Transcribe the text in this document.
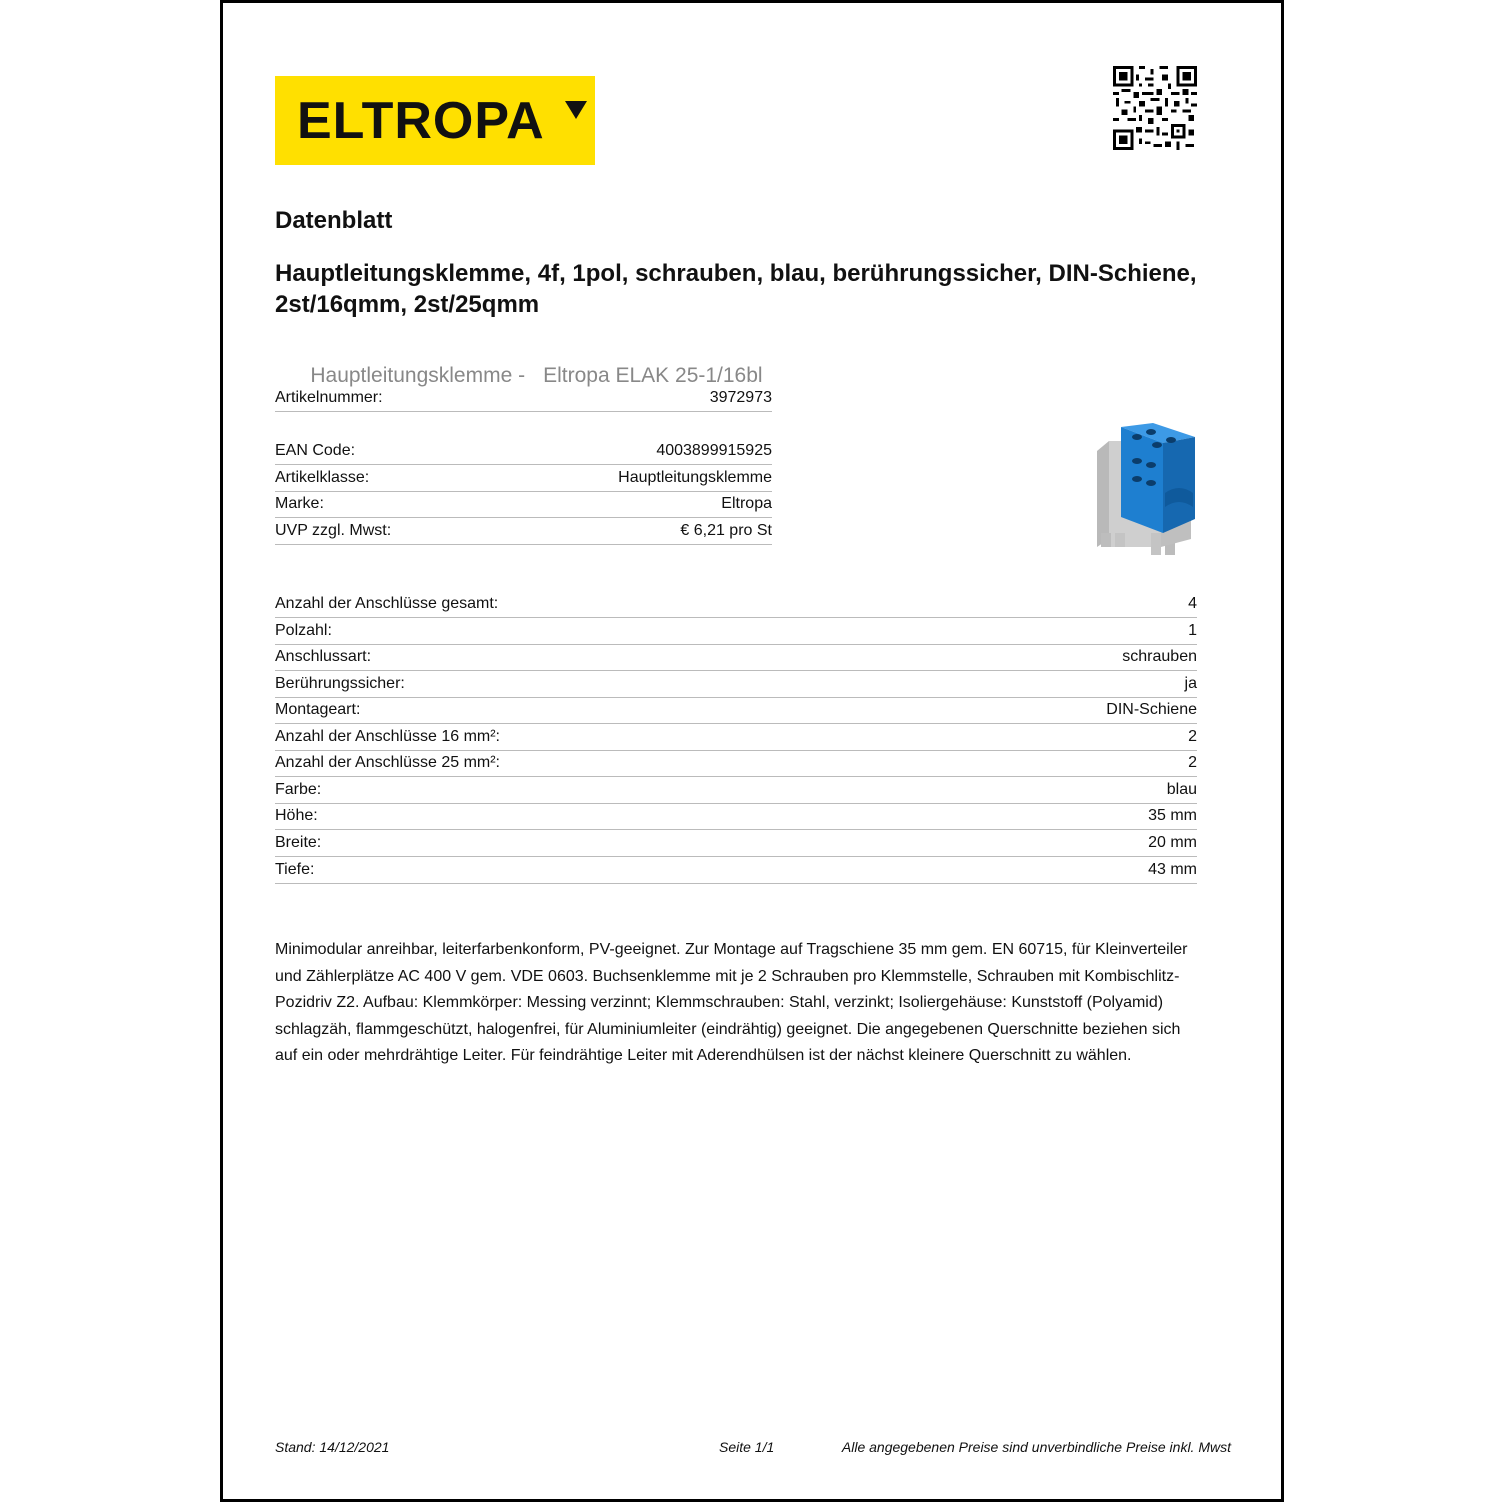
ELTROPA
Datenblatt
Hauptleitungsklemme, 4f, 1pol, schrauben, blau, berührungssicher, DIN-Schiene, 2st/16qmm, 2st/25qmm

Hauptleitungsklemme - Eltropa ELAK 25-1/16bl

Artikelnummer:	3972973
EAN Code:	4003899915925
Artikelklasse:	Hauptleitungsklemme
Marke:	Eltropa
UVP zzgl. Mwst:	€ 6,21 pro St
Anzahl der Anschlüsse gesamt:	4
Polzahl:	1
Anschlussart:	schrauben
Berührungssicher:	ja
Montageart:	DIN-Schiene
Anzahl der Anschlüsse 16 mm²:	2
Anzahl der Anschlüsse 25 mm²:	2
Farbe:	blau
Höhe:	35 mm
Breite:	20 mm
Tiefe:	43 mm
Minimodular anreihbar, leiterfarbenkonform, PV-geeignet. Zur Montage auf Tragschiene 35 mm gem. EN 60715, für Kleinverteiler und Zählerplätze AC 400 V gem. VDE 0603. Buchsenklemme mit je 2 Schrauben pro Klemmstelle, Schrauben mit Kombischlitz-Pozidriv Z2. Aufbau: Klemmkörper: Messing verzinnt; Klemmschrauben: Stahl, verzinkt; Isoliergehäuse: Kunststoff (Polyamid) schlagzäh, flammgeschützt, halogenfrei, für Aluminiumleiter (eindrähtig) geeignet. Die angegebenen Querschnitte beziehen sich auf ein oder mehrdrähtige Leiter. Für feindrähtige Leiter mit Aderendhülsen ist der nächst kleinere Querschnitt zu wählen.
Stand: 14/12/2021	Seite 1/1	Alle angegebenen Preise sind unverbindliche Preise inkl. Mwst
